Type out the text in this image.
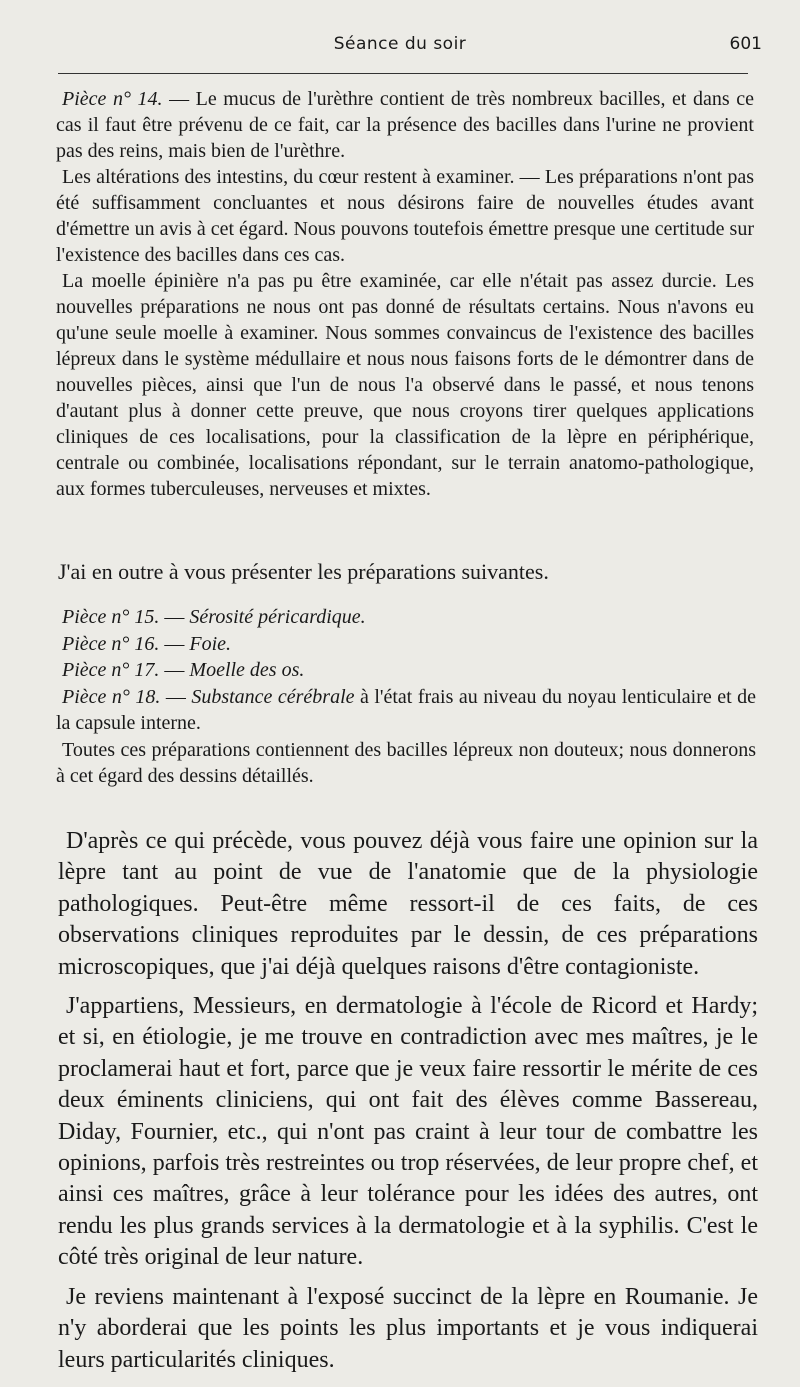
Séance du soir	601

Pièce n° 14. — Le mucus de l'urèthre contient de très nombreux bacilles, et dans ce cas il faut être prévenu de ce fait, car la présence des bacilles dans l'urine ne provient pas des reins, mais bien de l'urèthre.

Les altérations des intestins, du cœur restent à examiner. — Les préparations n'ont pas été suffisamment concluantes et nous désirons faire de nouvelles études avant d'émettre un avis à cet égard. Nous pouvons toutefois émettre presque une certitude sur l'existence des bacilles dans ces cas.

La moelle épinière n'a pas pu être examinée, car elle n'était pas assez durcie. Les nouvelles préparations ne nous ont pas donné de résultats certains. Nous n'avons eu qu'une seule moelle à examiner. Nous sommes convaincus de l'existence des bacilles lépreux dans le système médullaire et nous nous faisons forts de le démontrer dans de nouvelles pièces, ainsi que l'un de nous l'a observé dans le passé, et nous tenons d'autant plus à donner cette preuve, que nous croyons tirer quelques applications cliniques de ces localisations, pour la classification de la lèpre en périphérique, centrale ou combinée, localisations répondant, sur le terrain anatomo-pathologique, aux formes tuberculeuses, nerveuses et mixtes.

J'ai en outre à vous présenter les préparations suivantes.

Pièce n° 15. — Sérosité péricardique.

Pièce n° 16. — Foie.

Pièce n° 17. — Moelle des os.

Pièce n° 18. — Substance cérébrale à l'état frais au niveau du noyau lenticulaire et de la capsule interne.

Toutes ces préparations contiennent des bacilles lépreux non douteux; nous donnerons à cet égard des dessins détaillés.

D'après ce qui précède, vous pouvez déjà vous faire une opinion sur la lèpre tant au point de vue de l'anatomie que de la physiologie pathologiques. Peut-être même ressort-il de ces faits, de ces observations cliniques reproduites par le dessin, de ces préparations microscopiques, que j'ai déjà quelques raisons d'être contagioniste.

J'appartiens, Messieurs, en dermatologie à l'école de Ricord et Hardy; et si, en étiologie, je me trouve en contradiction avec mes maîtres, je le proclamerai haut et fort, parce que je veux faire ressortir le mérite de ces deux éminents cliniciens, qui ont fait des élèves comme Bassereau, Diday, Fournier, etc., qui n'ont pas craint à leur tour de combattre les opinions, parfois très restreintes ou trop réservées, de leur propre chef, et ainsi ces maîtres, grâce à leur tolérance pour les idées des autres, ont rendu les plus grands services à la dermatologie et à la syphilis. C'est le côté très original de leur nature.

Je reviens maintenant à l'exposé succinct de la lèpre en Roumanie. Je n'y aborderai que les points les plus importants et je vous indiquerai leurs particularités cliniques.
